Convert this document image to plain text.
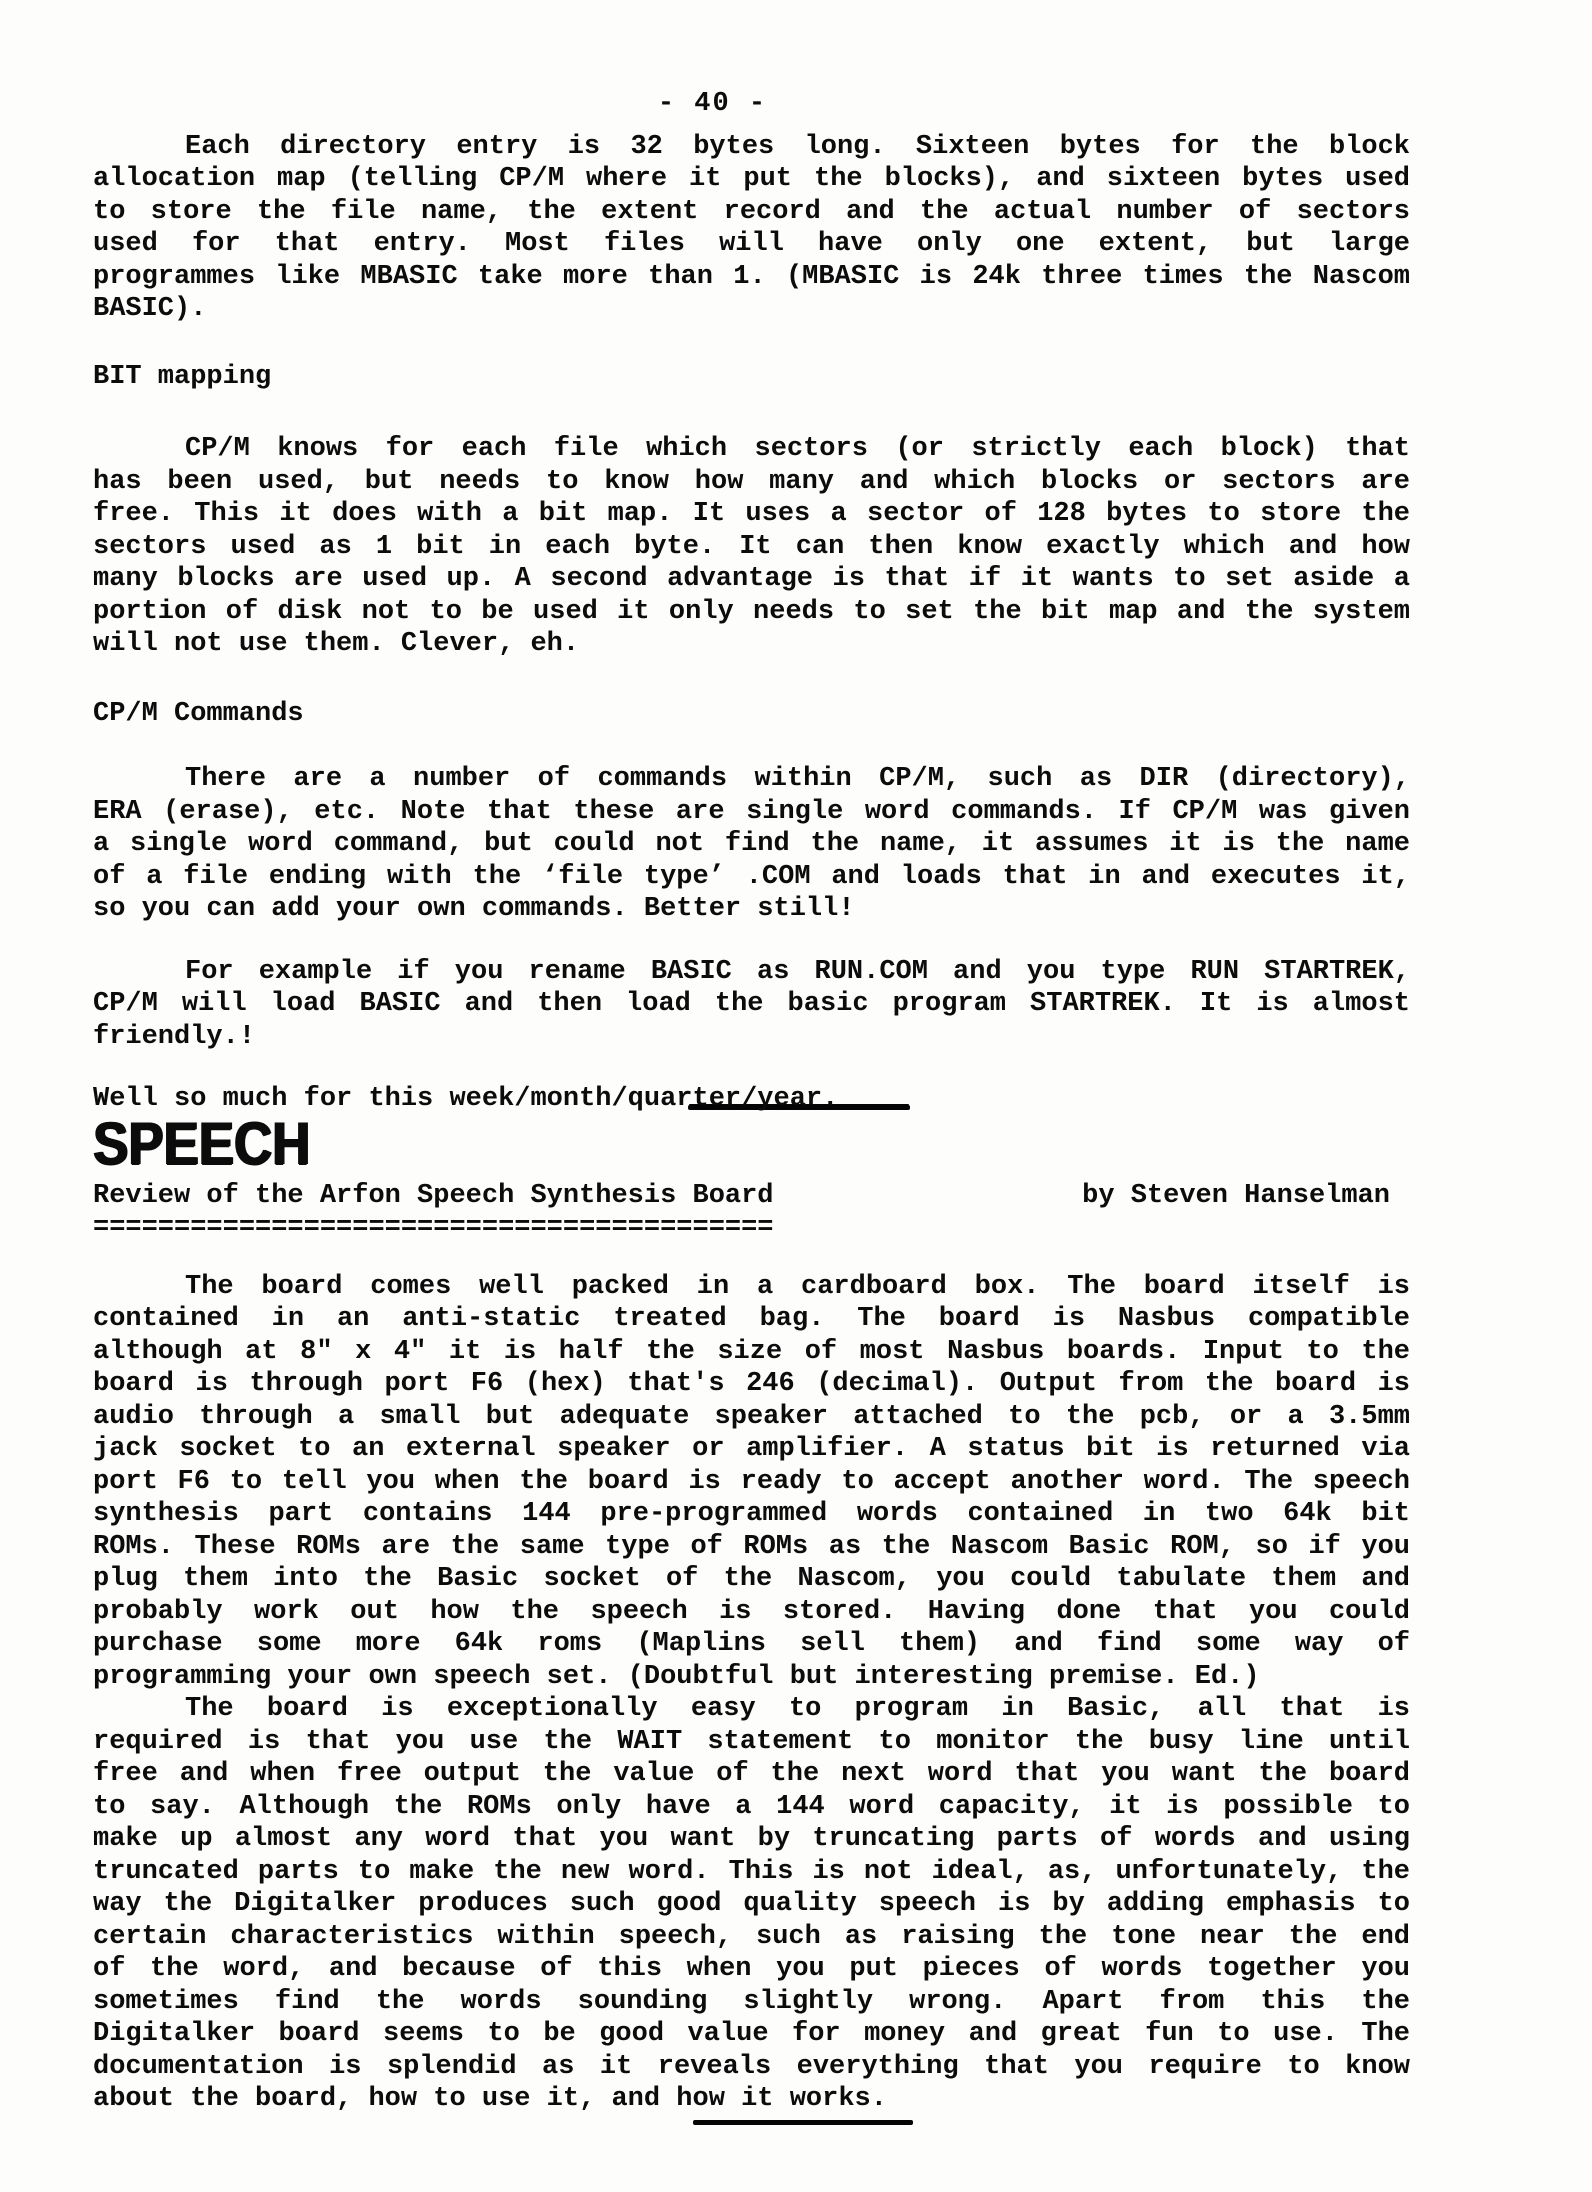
- 40 -
Each directory entry is 32 bytes long. Sixteen bytes for the block
allocation map (telling CP/M where it put the blocks), and sixteen bytes used
to store the file name, the extent record and the actual number of sectors
used for that entry. Most files will have only one extent, but large
programmes like MBASIC take more than 1. (MBASIC is 24k three times the Nascom
BASIC).
BIT mapping
CP/M knows for each file which sectors (or strictly each block) that
has been used, but needs to know how many and which blocks or sectors are
free. This it does with a bit map. It uses a sector of 128 bytes to store the
sectors used as 1 bit in each byte. It can then know exactly which and how
many blocks are used up. A second advantage is that if it wants to set aside a
portion of disk not to be used it only needs to set the bit map and the system
will not use them. Clever, eh.
CP/M Commands
There are a number of commands within CP/M, such as DIR (directory),
ERA (erase), etc. Note that these are single word commands. If CP/M was given
a single word command, but could not find the name, it assumes it is the name
of a file ending with the ‘file type’ .COM and loads that in and executes it,
so you can add your own commands. Better still!
For example if you rename BASIC as RUN.COM and you type RUN STARTREK,
CP/M will load BASIC and then load the basic program STARTREK. It is almost
friendly.!
Well so much for this week/month/quarter/year.
SPEECH
Review of the Arfon Speech Synthesis Board	by Steven Hanselman
==========================================
The board comes well packed in a cardboard box. The board itself is
contained in an anti-static treated bag. The board is Nasbus compatible
although at 8" x 4" it is half the size of most Nasbus boards. Input to the
board is through port F6 (hex) that's 246 (decimal). Output from the board is
audio through a small but adequate speaker attached to the pcb, or a 3.5mm
jack socket to an external speaker or amplifier. A status bit is returned via
port F6 to tell you when the board is ready to accept another word. The speech
synthesis part contains 144 pre-programmed words contained in two 64k bit
ROMs. These ROMs are the same type of ROMs as the Nascom Basic ROM, so if you
plug them into the Basic socket of the Nascom, you could tabulate them and
probably work out how the speech is stored. Having done that you could
purchase some more 64k roms (Maplins sell them) and find some way of
programming your own speech set. (Doubtful but interesting premise. Ed.)
The board is exceptionally easy to program in Basic, all that is
required is that you use the WAIT statement to monitor the busy line until
free and when free output the value of the next word that you want the board
to say. Although the ROMs only have a 144 word capacity, it is possible to
make up almost any word that you want by truncating parts of words and using
truncated parts to make the new word. This is not ideal, as, unfortunately, the
way the Digitalker produces such good quality speech is by adding emphasis to
certain characteristics within speech, such as raising the tone near the end
of the word, and because of this when you put pieces of words together you
sometimes find the words sounding slightly wrong. Apart from this the
Digitalker board seems to be good value for money and great fun to use. The
documentation is splendid as it reveals everything that you require to know
about the board, how to use it, and how it works.
